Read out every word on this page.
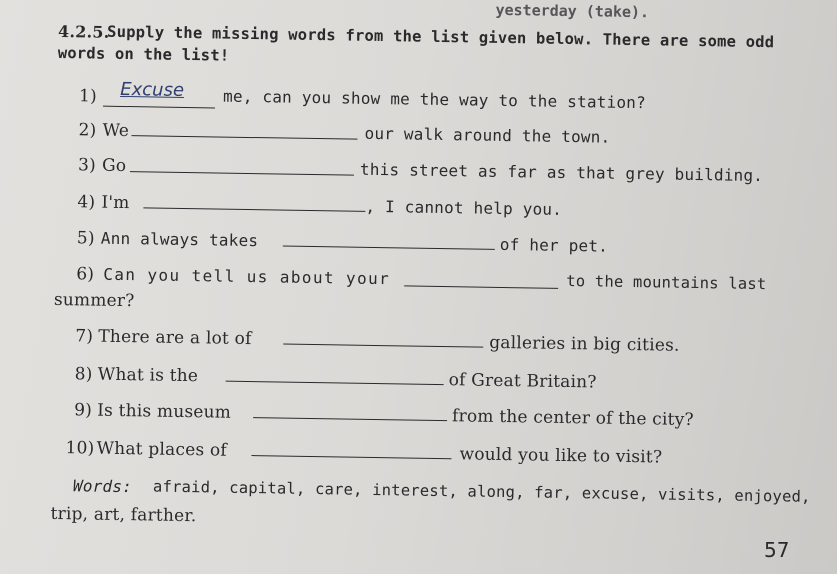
yesterday (take).
4.2.5.
Supply the missing words from the list given below. There are some odd
words on the list!
1) Excuse me, can you show me the way to the station?
2) We	our walk around the town.
3) Go	this street as far as that grey building.
4) I'm	, I cannot help you.
5) Ann always takes	of her pet.
6) Can you tell us about your	to the mountains last
summer?
7) There are a lot of	galleries in big cities.
8) What is the	of Great Britain?
9) Is this museum	from the center of the city?
10) What places of	would you like to visit?
Words: afraid, capital, care, interest, along, far, excuse, visits, enjoyed,
trip, art, farther.
57
